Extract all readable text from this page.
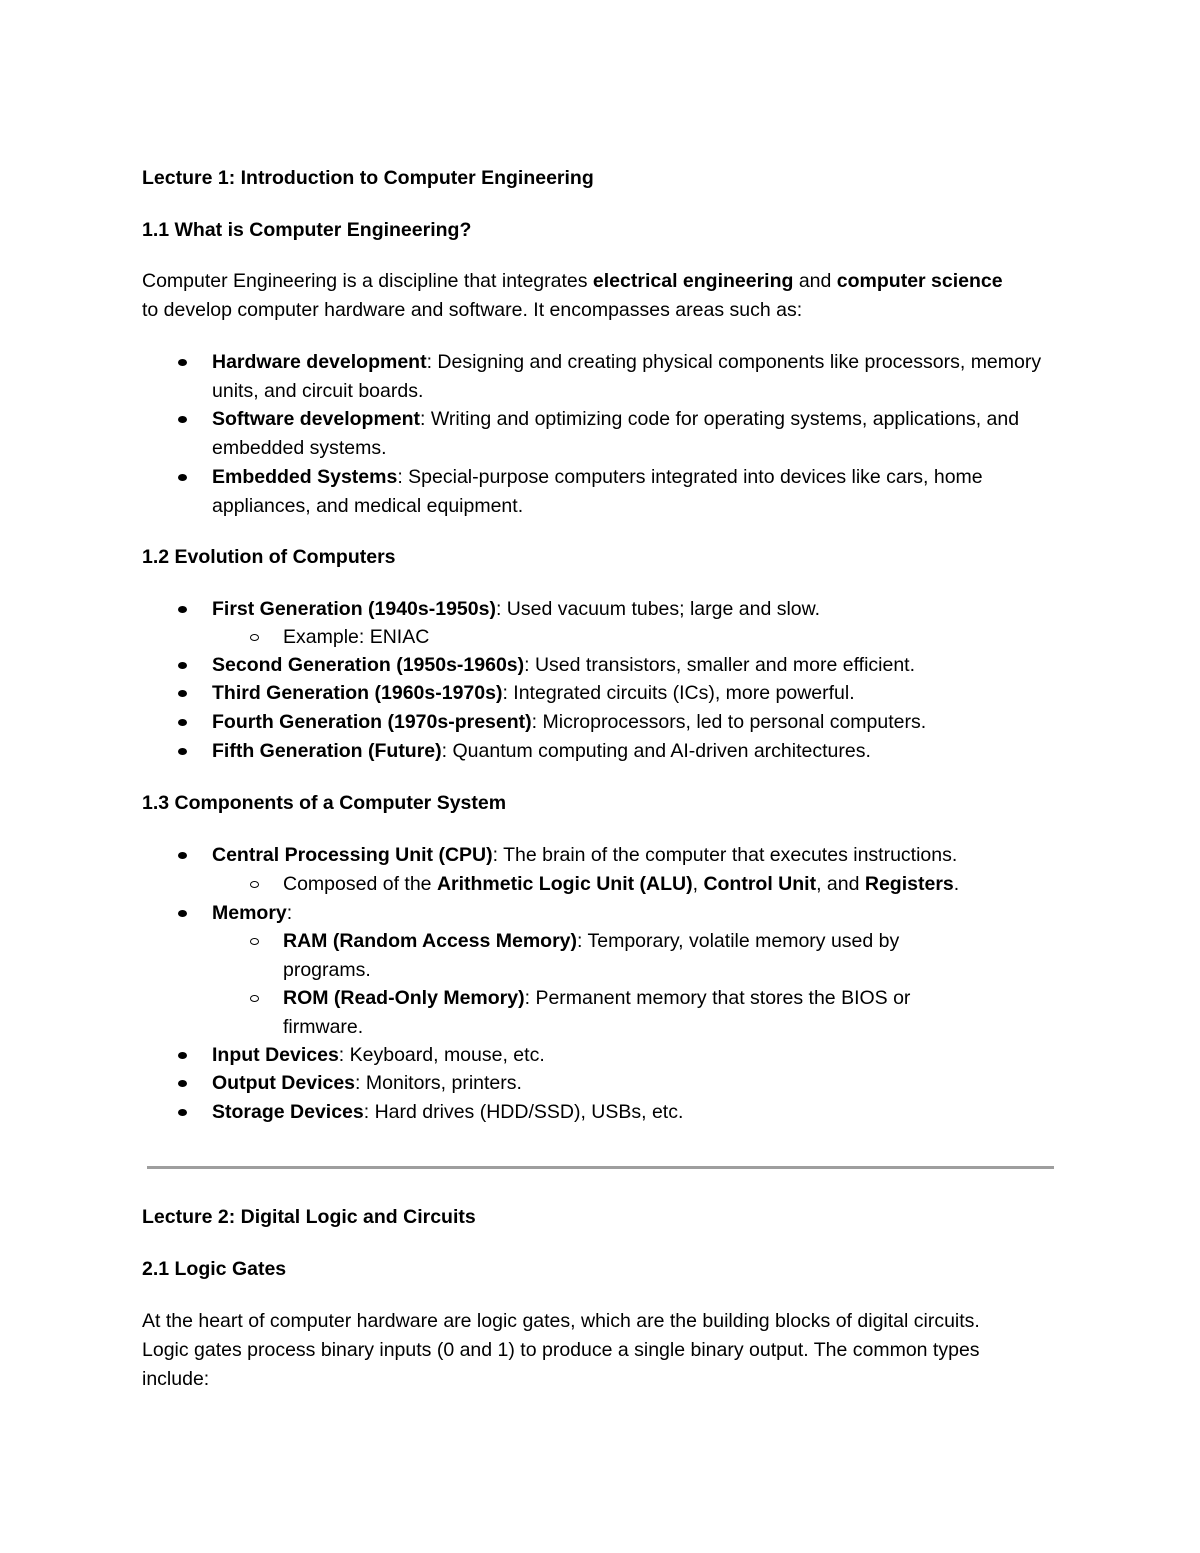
Lecture 1: Introduction to Computer Engineering
1.1 What is Computer Engineering?

Computer Engineering is a discipline that integrates electrical engineering and computer science to develop computer hardware and software. It encompasses areas such as:

Hardware development: Designing and creating physical components like processors, memory units, and circuit boards.
Software development: Writing and optimizing code for operating systems, applications, and embedded systems.
Embedded Systems: Special-purpose computers integrated into devices like cars, home appliances, and medical equipment.
1.2 Evolution of Computers
First Generation (1940s-1950s): Used vacuum tubes; large and slow.
Example: ENIAC
Second Generation (1950s-1960s): Used transistors, smaller and more efficient.
Third Generation (1960s-1970s): Integrated circuits (ICs), more powerful.
Fourth Generation (1970s-present): Microprocessors, led to personal computers.
Fifth Generation (Future): Quantum computing and AI-driven architectures.
1.3 Components of a Computer System
Central Processing Unit (CPU): The brain of the computer that executes instructions.
Composed of the Arithmetic Logic Unit (ALU), Control Unit, and Registers.
Memory:
RAM (Random Access Memory): Temporary, volatile memory used by programs.
ROM (Read-Only Memory): Permanent memory that stores the BIOS or firmware.
Input Devices: Keyboard, mouse, etc.
Output Devices: Monitors, printers.
Storage Devices: Hard drives (HDD/SSD), USBs, etc.
Lecture 2: Digital Logic and Circuits
2.1 Logic Gates

At the heart of computer hardware are logic gates, which are the building blocks of digital circuits. Logic gates process binary inputs (0 and 1) to produce a single binary output. The common types include:
